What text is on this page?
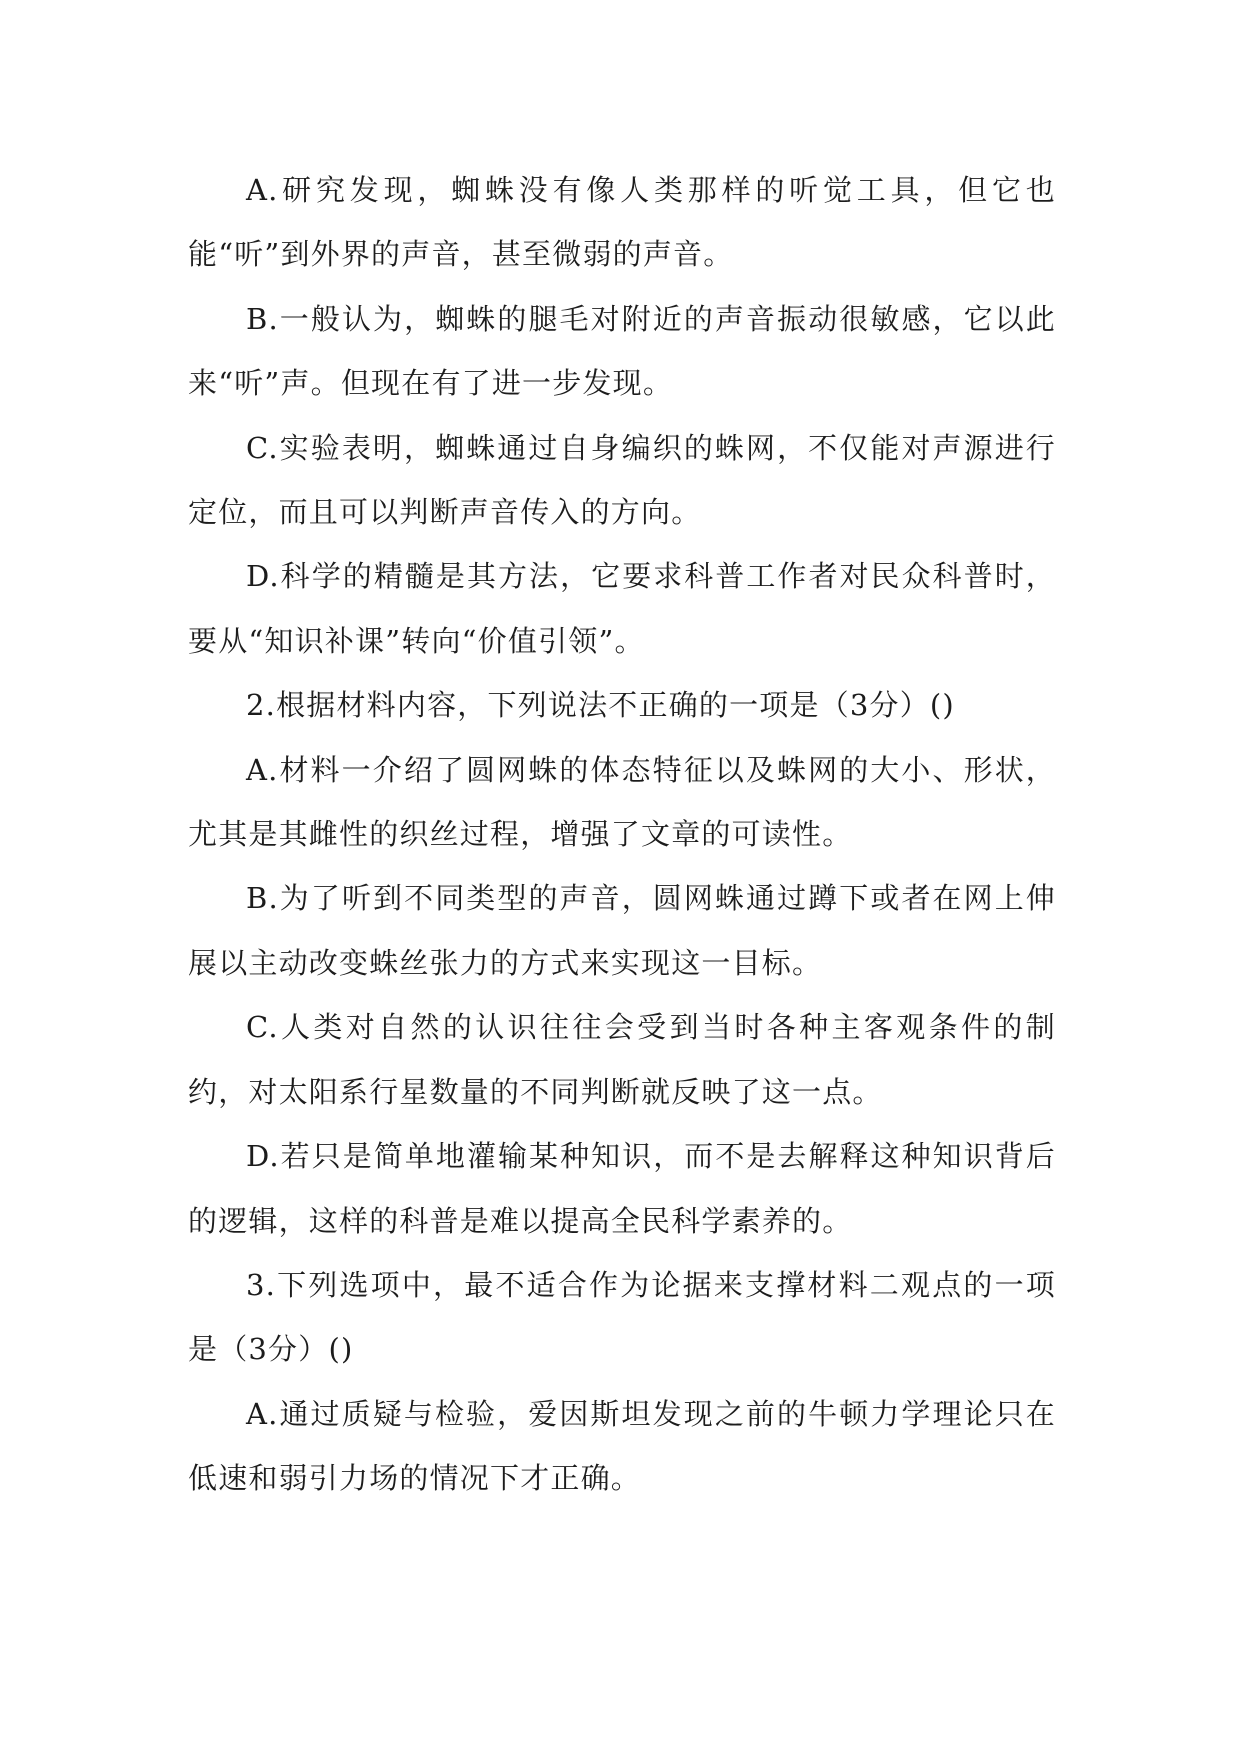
A.研究发现，蜘蛛没有像人类那样的听觉工具，但它也能“听”到外界的声音，甚至微弱的声音。

B.一般认为，蜘蛛的腿毛对附近的声音振动很敏感，它以此来“听”声。但现在有了进一步发现。

C.实验表明，蜘蛛通过自身编织的蛛网，不仅能对声源进行定位，而且可以判断声音传入的方向。

D.科学的精髓是其方法，它要求科普工作者对民众科普时，要从“知识补课”转向“价值引领”。

2.根据材料内容，下列说法不正确的一项是（3分）()

A.材料一介绍了圆网蛛的体态特征以及蛛网的大小、形状，尤其是其雌性的织丝过程，增强了文章的可读性。

B.为了听到不同类型的声音，圆网蛛通过蹲下或者在网上伸展以主动改变蛛丝张力的方式来实现这一目标。

C.人类对自然的认识往往会受到当时各种主客观条件的制约，对太阳系行星数量的不同判断就反映了这一点。

D.若只是简单地灌输某种知识，而不是去解释这种知识背后的逻辑，这样的科普是难以提高全民科学素养的。

3.下列选项中，最不适合作为论据来支撑材料二观点的一项是（3分）()

A.通过质疑与检验，爱因斯坦发现之前的牛顿力学理论只在低速和弱引力场的情况下才正确。
